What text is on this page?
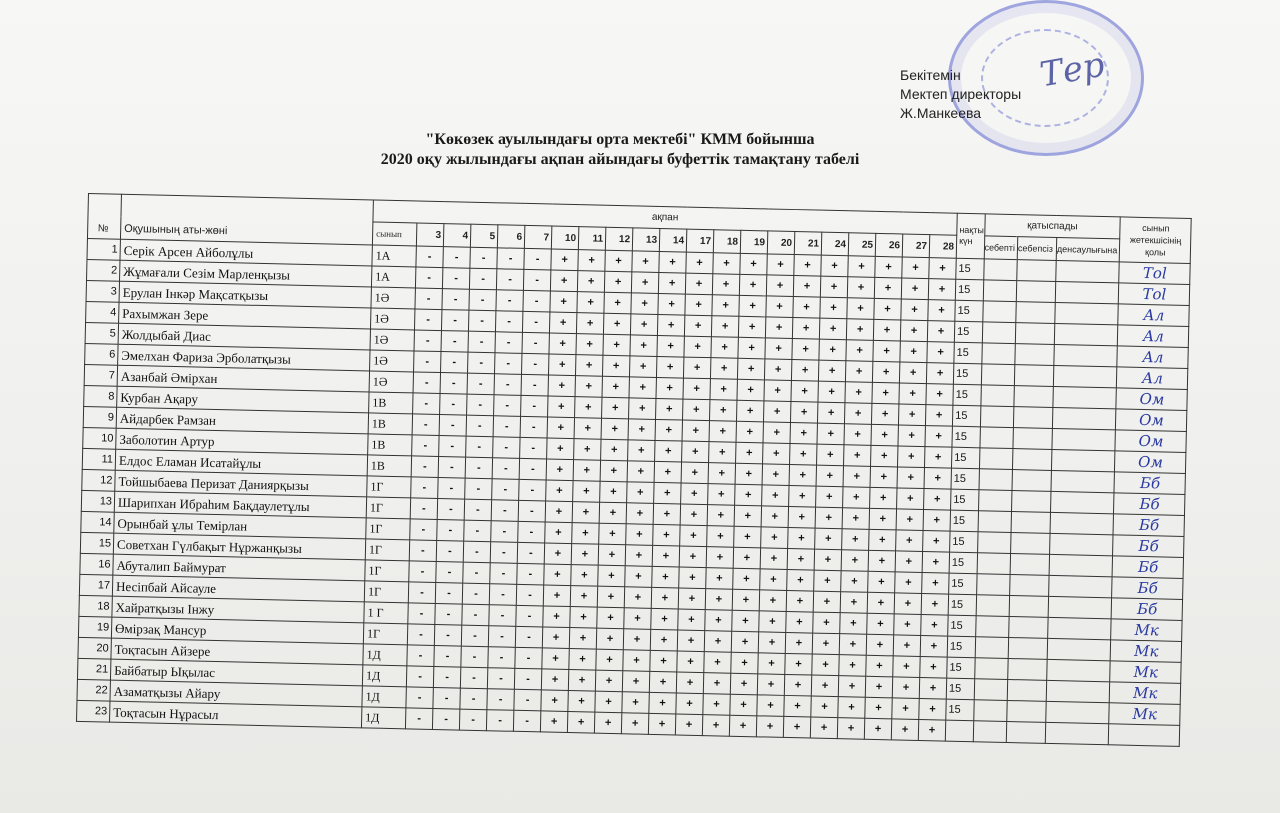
Бекітемін
Мектеп директоры
Ж.Манкеева
Тер
"Көкөзек ауылындағы орта мектебі" КММ бойынша
2020 оқу жылындағы ақпан айындағы буфеттік тамақтану табелі
№	Оқушының аты-жөні	ақпан																					нақты күн	қатыспады			сынып жетекшісінің қолы
		сынып	3	4	5	6	7	10	11	12	13	14	17	18	19	20	21	24	25	26	27	28		себепті	себепсіз	денсаулығына	
1	Серік Арсен Айболұлы	1А	-	-	-	-	-	+	+	+	+	+	+	+	+	+	+	+	+	+	+	+	15				Тоl
2	Жұмағали Сезім Марленқызы	1А	-	-	-	-	-	+	+	+	+	+	+	+	+	+	+	+	+	+	+	+	15				Тоl
3	Ерулан Інкәр Мақсатқызы	1Ә	-	-	-	-	-	+	+	+	+	+	+	+	+	+	+	+	+	+	+	+	15				Ал
4	Рахымжан Зере	1Ә	-	-	-	-	-	+	+	+	+	+	+	+	+	+	+	+	+	+	+	+	15				Ал
5	Жолдыбай Диас	1Ә	-	-	-	-	-	+	+	+	+	+	+	+	+	+	+	+	+	+	+	+	15				Ал
6	Эмелхан Фариза Эрболатқызы	1Ә	-	-	-	-	-	+	+	+	+	+	+	+	+	+	+	+	+	+	+	+	15				Ал
7	Азанбай Әмірхан	1Ә	-	-	-	-	-	+	+	+	+	+	+	+	+	+	+	+	+	+	+	+	15				Ом
8	Курбан Ақару	1В	-	-	-	-	-	+	+	+	+	+	+	+	+	+	+	+	+	+	+	+	15				Ом
9	Айдарбек Рамзан	1В	-	-	-	-	-	+	+	+	+	+	+	+	+	+	+	+	+	+	+	+	15				Ом
10	Заболотин Артур	1В	-	-	-	-	-	+	+	+	+	+	+	+	+	+	+	+	+	+	+	+	15				Ом
11	Елдос Еламан Исатайұлы	1В	-	-	-	-	-	+	+	+	+	+	+	+	+	+	+	+	+	+	+	+	15				Бб
12	Тойшыбаева Перизат Даниярқызы	1Г	-	-	-	-	-	+	+	+	+	+	+	+	+	+	+	+	+	+	+	+	15				Бб
13	Шарипхан Ибраһим Бақдаулетұлы	1Г	-	-	-	-	-	+	+	+	+	+	+	+	+	+	+	+	+	+	+	+	15				Бб
14	Орынбай ұлы Темірлан	1Г	-	-	-	-	-	+	+	+	+	+	+	+	+	+	+	+	+	+	+	+	15				Бб
15	Советхан Гүлбақыт Нұржанқызы	1Г	-	-	-	-	-	+	+	+	+	+	+	+	+	+	+	+	+	+	+	+	15				Бб
16	Абуталип Баймурат	1Г	-	-	-	-	-	+	+	+	+	+	+	+	+	+	+	+	+	+	+	+	15				Бб
17	Несіпбай Айсауле	1Г	-	-	-	-	-	+	+	+	+	+	+	+	+	+	+	+	+	+	+	+	15				Бб
18	Хайратқызы Інжу	1 Г	-	-	-	-	-	+	+	+	+	+	+	+	+	+	+	+	+	+	+	+	15				Мк
19	Өмірзақ Мансур	1Г	-	-	-	-	-	+	+	+	+	+	+	+	+	+	+	+	+	+	+	+	15				Мк
20	Тоқтасын Айзере	1Д	-	-	-	-	-	+	+	+	+	+	+	+	+	+	+	+	+	+	+	+	15				Мк
21	Байбатыр Ықылас	1Д	-	-	-	-	-	+	+	+	+	+	+	+	+	+	+	+	+	+	+	+	15				Мк
22	Азаматқызы Айару	1Д	-	-	-	-	-	+	+	+	+	+	+	+	+	+	+	+	+	+	+	+	15				Мк
23	Тоқтасын Нұрасыл	1Д	-	-	-	-	-	+	+	+	+	+	+	+	+	+	+	+	+	+	+	+					
